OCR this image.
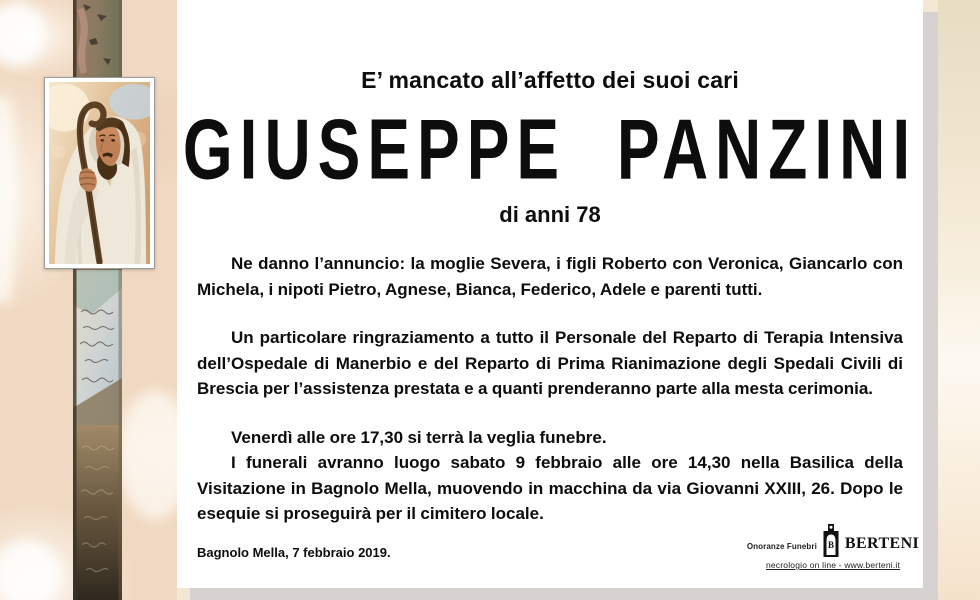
E’ mancato all’affetto dei suoi cari
GIUSEPPE PANZINI
di anni 78

Ne danno l’annuncio: la moglie Severa, i figli Roberto con Veronica, Giancarlo con Michela, i nipoti Pietro, Agnese, Bianca, Federico, Adele e parenti tutti.

Un particolare ringraziamento a tutto il Personale del Reparto di Terapia Intensiva dell’Ospedale di Manerbio e del Reparto di Prima Rianimazione degli Spedali Civili di Brescia per l’assistenza prestata e a quanti prenderanno parte alla mesta cerimonia.

Venerdì alle ore 17,30 si terrà la veglia funebre.

I funerali avranno luogo sabato 9 febbraio alle ore 14,30 nella Basilica della Visitazione in Bagnolo Mella, muovendo in macchina da via Giovanni XXIII, 26. Dopo le esequie si proseguirà per il cimitero locale.

Bagnolo Mella, 7 febbraio 2019.	Onoranze Funebri B BERTENI
necrologio on line - www.berteni.it
